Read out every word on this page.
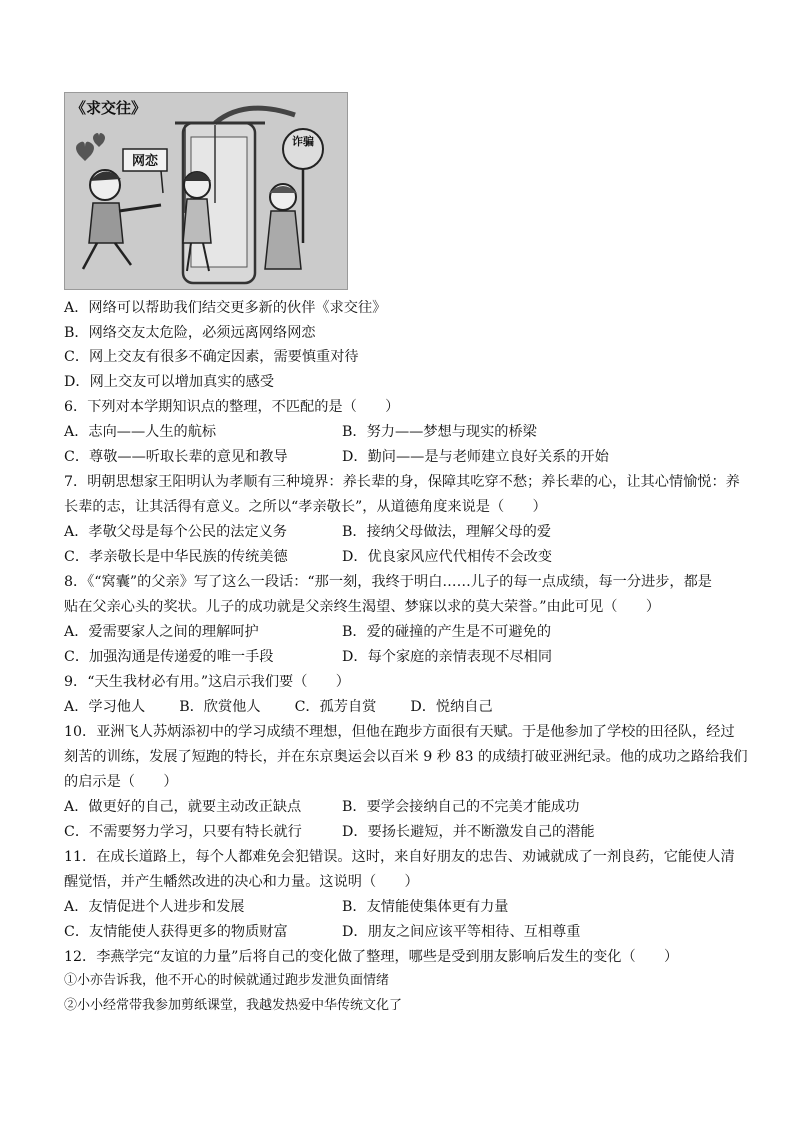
诈骗
网恋
《求交往》
A．网络可以帮助我们结交更多新的伙伴《求交往》
B．网络交友太危险，必须远离网络网恋
C．网上交友有很多不确定因素，需要慎重对待
D．网上交友可以增加真实的感受
6．下列对本学期知识点的整理，不匹配的是（　　）
A．志向——人生的航标	B．努力——梦想与现实的桥梁
C．尊敬——听取长辈的意见和教导	D．勤问——是与老师建立良好关系的开始
7．明朝思想家王阳明认为孝顺有三种境界：养长辈的身，保障其吃穿不愁；养长辈的心，让其心情愉悦：养
长辈的志，让其活得有意义。之所以“孝亲敬长”，从道德角度来说是（　　）
A．孝敬父母是每个公民的法定义务	B．接纳父母做法，理解父母的爱
C．孝亲敬长是中华民族的传统美德	D．优良家风应代代相传不会改变
8．《“窝囊”的父亲》写了这么一段话：“那一刻，我终于明白……儿子的每一点成绩，每一分进步，都是
贴在父亲心头的奖状。儿子的成功就是父亲终生渴望、梦寐以求的莫大荣誉。”由此可见（　　）
A．爱需要家人之间的理解呵护	B．爱的碰撞的产生是不可避免的
C．加强沟通是传递爱的唯一手段	D．每个家庭的亲情表现不尽相同
9．“天生我材必有用。”这启示我们要（　　）
A．学习他人 B．欣赏他人 C．孤芳自赏 D．悦纳自己
10．亚洲飞人苏炳添初中的学习成绩不理想，但他在跑步方面很有天赋。于是他参加了学校的田径队，经过
刻苦的训练，发展了短跑的特长，并在东京奥运会以百米 9 秒 83 的成绩打破亚洲纪录。他的成功之路给我们
的启示是（　　）
A．做更好的自己，就要主动改正缺点	B．要学会接纳自己的不完美才能成功
C．不需要努力学习，只要有特长就行	D．要扬长避短，并不断激发自己的潜能
11．在成长道路上，每个人都难免会犯错误。这时，来自好朋友的忠告、劝诫就成了一剂良药，它能使人清
醒觉悟，并产生幡然改进的决心和力量。这说明（　　）
A．友情促进个人进步和发展	B．友情能使集体更有力量
C．友情能使人获得更多的物质财富	D．朋友之间应该平等相待、互相尊重
12．李燕学完“友谊的力量”后将自己的变化做了整理，哪些是受到朋友影响后发生的变化（　　）
①小亦告诉我，他不开心的时候就通过跑步发泄负面情绪
②小小经常带我参加剪纸课堂，我越发热爱中华传统文化了
